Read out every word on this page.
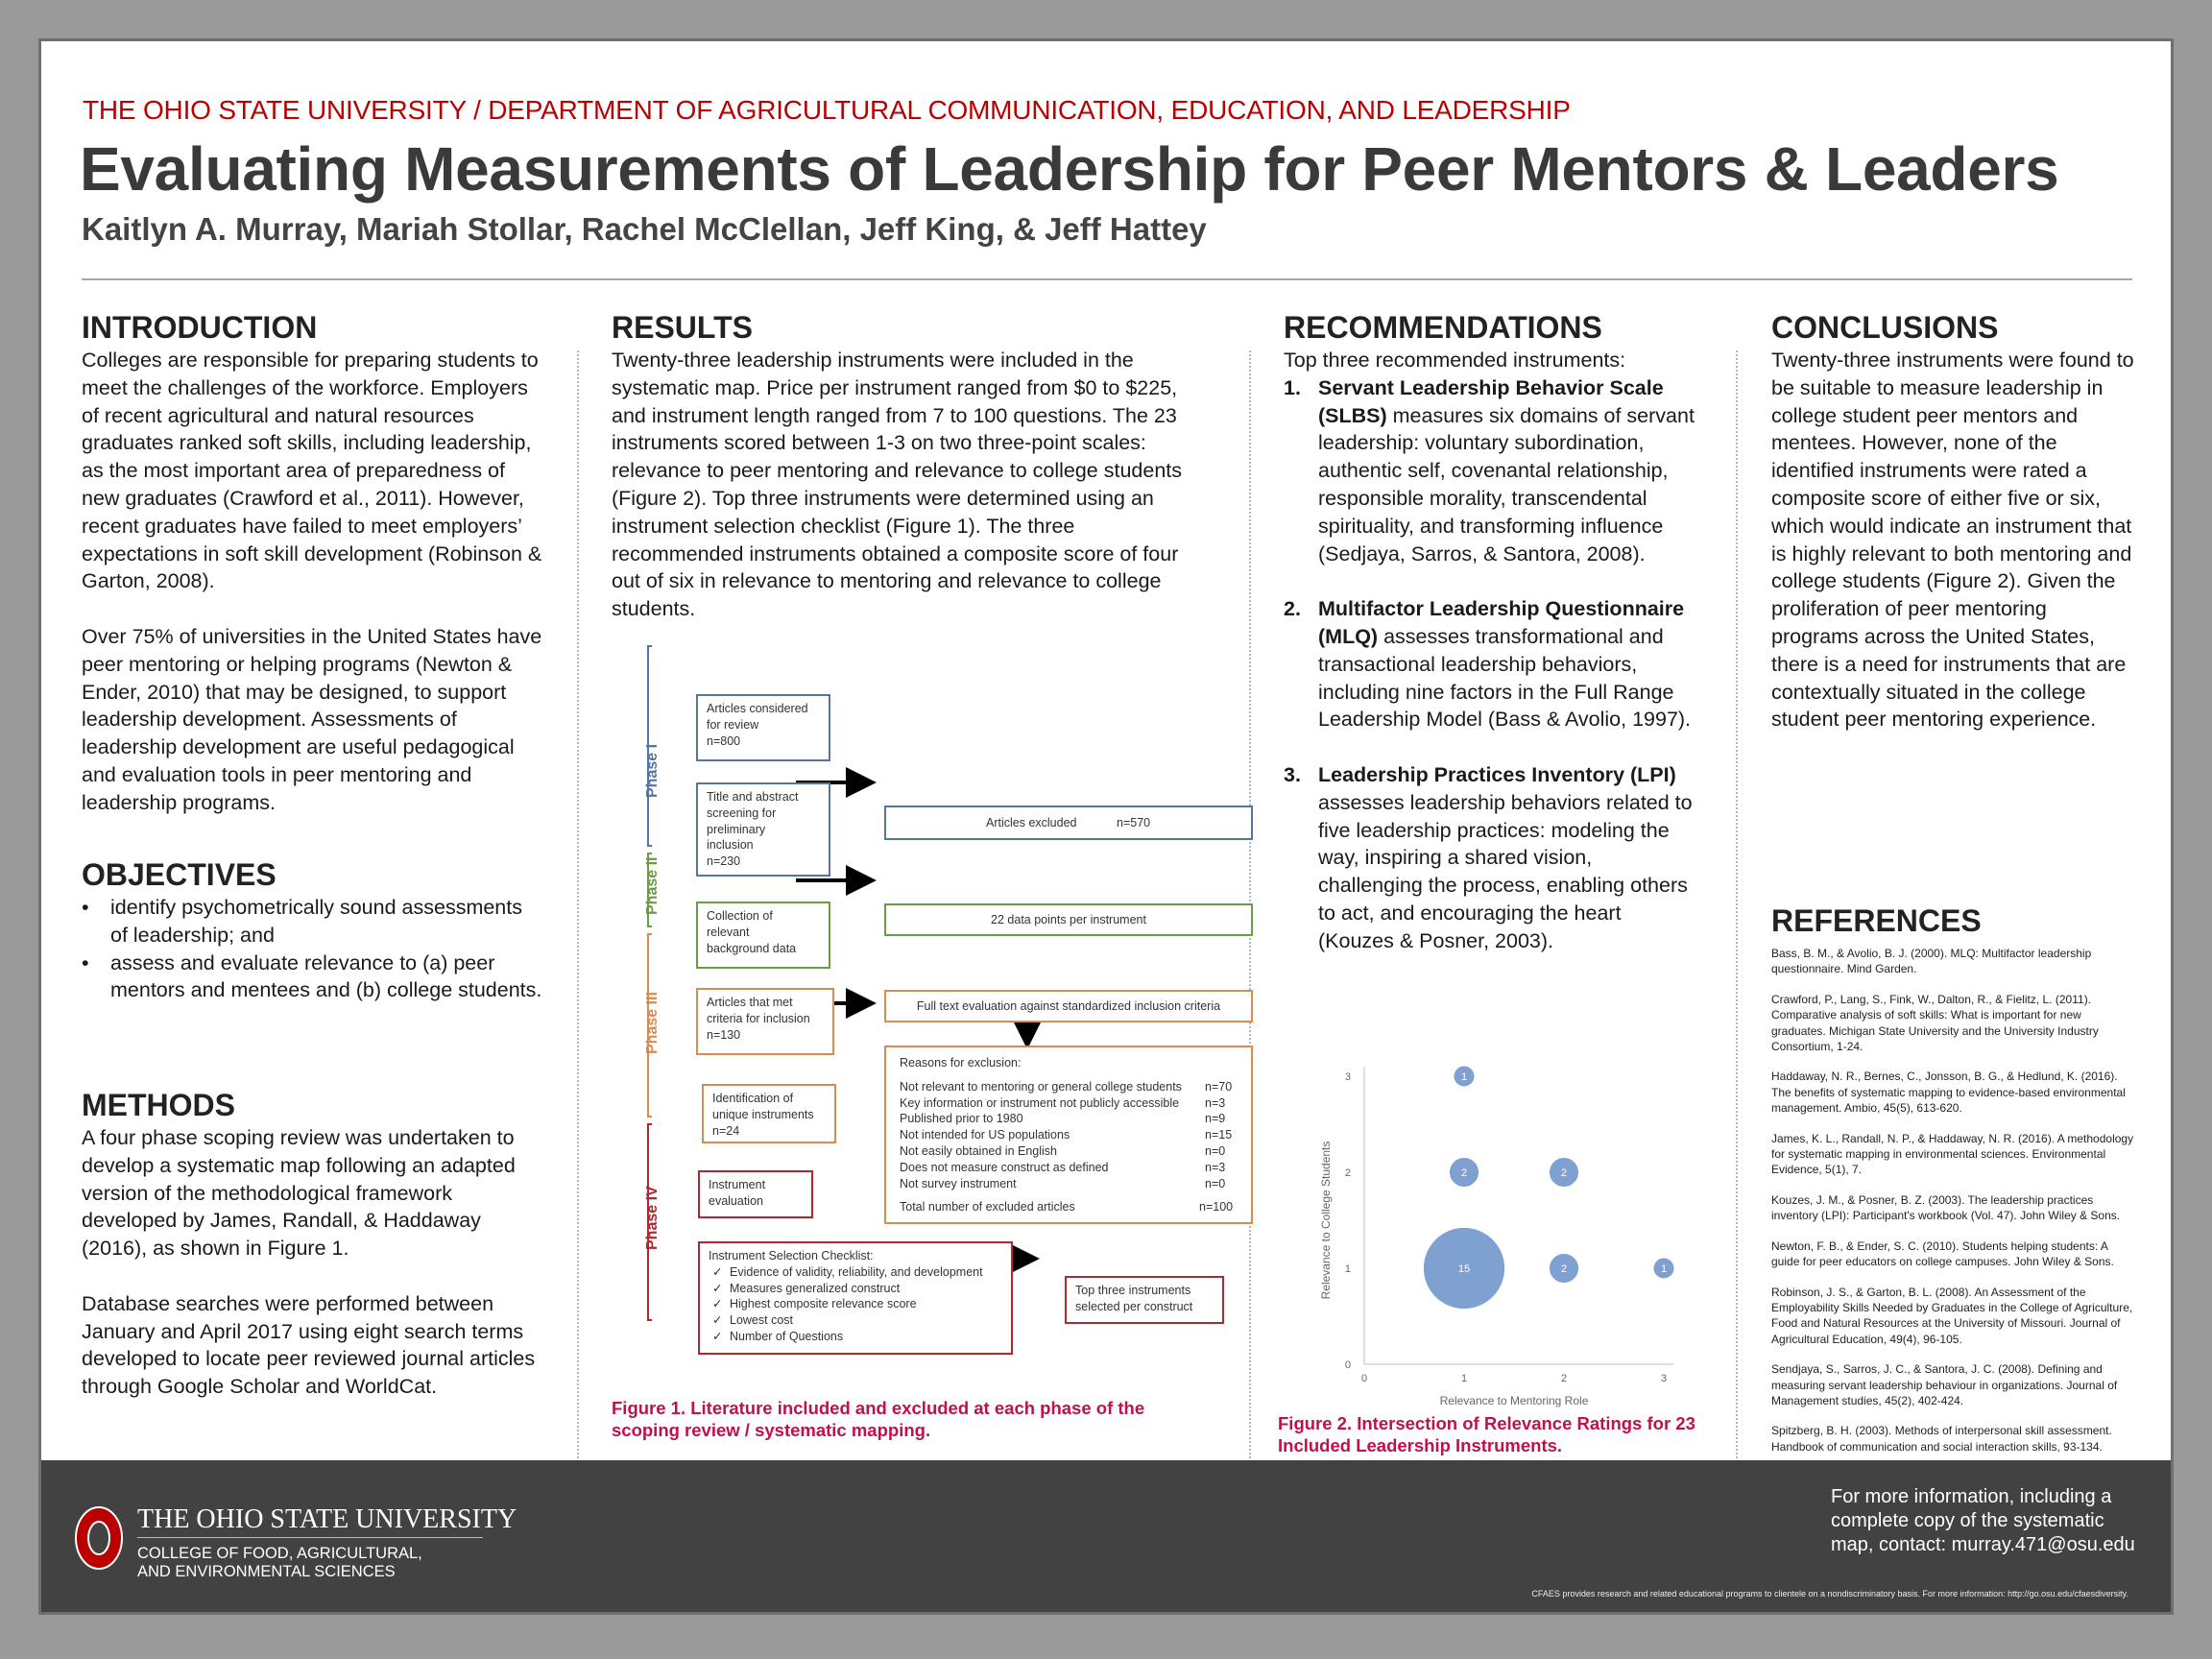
THE OHIO STATE UNIVERSITY / DEPARTMENT OF AGRICULTURAL COMMUNICATION, EDUCATION, AND LEADERSHIP
Evaluating Measurements of Leadership for Peer Mentors & Leaders
Kaitlyn A. Murray, Mariah Stollar, Rachel McClellan, Jeff King, & Jeff Hattey
INTRODUCTION

Colleges are responsible for preparing students to meet the challenges of the workforce. Employers of recent agricultural and natural resources graduates ranked soft skills, including leadership, as the most important area of preparedness of new graduates (Crawford et al., 2011). However, recent graduates have failed to meet employers’ expectations in soft skill development (Robinson & Garton, 2008).

Over 75% of universities in the United States have peer mentoring or helping programs (Newton & Ender, 2010) that may be designed, to support leadership development. Assessments of leadership development are useful pedagogical and evaluation tools in peer mentoring and leadership programs.

OBJECTIVES
• identify psychometrically sound assessments of leadership; and
• assess and evaluate relevance to (a) peer mentors and mentees and (b) college students.
METHODS

A four phase scoping review was undertaken to develop a systematic map following an adapted version of the methodological framework developed by James, Randall, & Haddaway (2016), as shown in Figure 1.

Database searches were performed between January and April 2017 using eight search terms developed to locate peer reviewed journal articles through Google Scholar and WorldCat.

RESULTS

Twenty-three leadership instruments were included in the systematic map. Price per instrument ranged from $0 to $225, and instrument length ranged from 7 to 100 questions. The 23 instruments scored between 1-3 on two three-point scales: relevance to peer mentoring and relevance to college students (Figure 2). Top three instruments were determined using an instrument selection checklist (Figure 1). The three recommended instruments obtained a composite score of four out of six in relevance to mentoring and relevance to college students.

Phase I
Phase II
Phase III
Phase IV
Articles considered
for review
n=800
Title and abstract
screening for
preliminary
inclusion
n=230
Articles excluded	n=570
Collection of
relevant
background data
22 data points per instrument
Articles that met
criteria for inclusion
n=130
Full text evaluation against standardized inclusion criteria
Reasons for exclusion:
Not relevant to mentoring or general college students n=70
Key information or instrument not publicly accessible n=3
Published prior to 1980	n=9
Not intended for US populations	n=15
Not easily obtained in English	n=0
Does not measure construct as defined	n=3
Not survey instrument	n=0
Total number of excluded articles	n=100
Identification of
unique instruments
n=24
Instrument
evaluation
Instrument Selection Checklist:
✓ Evidence of validity, reliability, and development
✓ Measures generalized construct
✓ Highest composite relevance score
✓ Lowest cost
✓ Number of Questions
Top three instruments
selected per construct
Figure 1. Literature included and excluded at each phase of the scoping review / systematic mapping.
RECOMMENDATIONS

Top three recommended instruments:

1. Servant Leadership Behavior Scale (SLBS) measures six domains of servant leadership: voluntary subordination, authentic self, covenantal relationship, responsible morality, transcendental spirituality, and transforming influence (Sedjaya, Sarros, & Santora, 2008).
2. Multifactor Leadership Questionnaire (MLQ) assesses transformational and transactional leadership behaviors, including nine factors in the Full Range Leadership Model (Bass & Avolio, 1997).
3. Leadership Practices Inventory (LPI) assesses leadership behaviors related to five leadership practices: modeling the way, inspiring a shared vision, challenging the process, enabling others to act, and encouraging the heart (Kouzes & Posner, 2003).
0	1	2	3
0
1
2
3
Relevance to Mentoring Role
Relevance to College Students
1
2	2
15	2	1
Figure 2. Intersection of Relevance Ratings for 23 Included Leadership Instruments.
CONCLUSIONS

Twenty-three instruments were found to be suitable to measure leadership in college student peer mentors and mentees. However, none of the identified instruments were rated a composite score of either five or six, which would indicate an instrument that is highly relevant to both mentoring and college students (Figure 2). Given the proliferation of peer mentoring programs across the United States, there is a need for instruments that are contextually situated in the college student peer mentoring experience.

REFERENCES

Bass, B. M., & Avolio, B. J. (2000). MLQ: Multifactor leadership questionnaire. Mind Garden.

Crawford, P., Lang, S., Fink, W., Dalton, R., & Fielitz, L. (2011). Comparative analysis of soft skills: What is important for new graduates. Michigan State University and the University Industry Consortium, 1-24.

Haddaway, N. R., Bernes, C., Jonsson, B. G., & Hedlund, K. (2016). The benefits of systematic mapping to evidence-based environmental management. Ambio, 45(5), 613-620.

James, K. L., Randall, N. P., & Haddaway, N. R. (2016). A methodology for systematic mapping in environmental sciences. Environmental Evidence, 5(1), 7.

Kouzes, J. M., & Posner, B. Z. (2003). The leadership practices inventory (LPI): Participant's workbook (Vol. 47). John Wiley & Sons.

Newton, F. B., & Ender, S. C. (2010). Students helping students: A guide for peer educators on college campuses. John Wiley & Sons.

Robinson, J. S., & Garton, B. L. (2008). An Assessment of the Employability Skills Needed by Graduates in the College of Agriculture, Food and Natural Resources at the University of Missouri. Journal of Agricultural Education, 49(4), 96-105.

Sendjaya, S., Sarros, J. C., & Santora, J. C. (2008). Defining and measuring servant leadership behaviour in organizations. Journal of Management studies, 45(2), 402-424.

Spitzberg, B. H. (2003). Methods of interpersonal skill assessment. Handbook of communication and social interaction skills, 93-134.

THE OHIO STATE UNIVERSITY
COLLEGE OF FOOD, AGRICULTURAL,
AND ENVIRONMENTAL SCIENCES
For more information, including a complete copy of the systematic map, contact: murray.471@osu.edu
CFAES provides research and related educational programs to clientele on a nondiscriminatory basis. For more information: http://go.osu.edu/cfaesdiversity.
